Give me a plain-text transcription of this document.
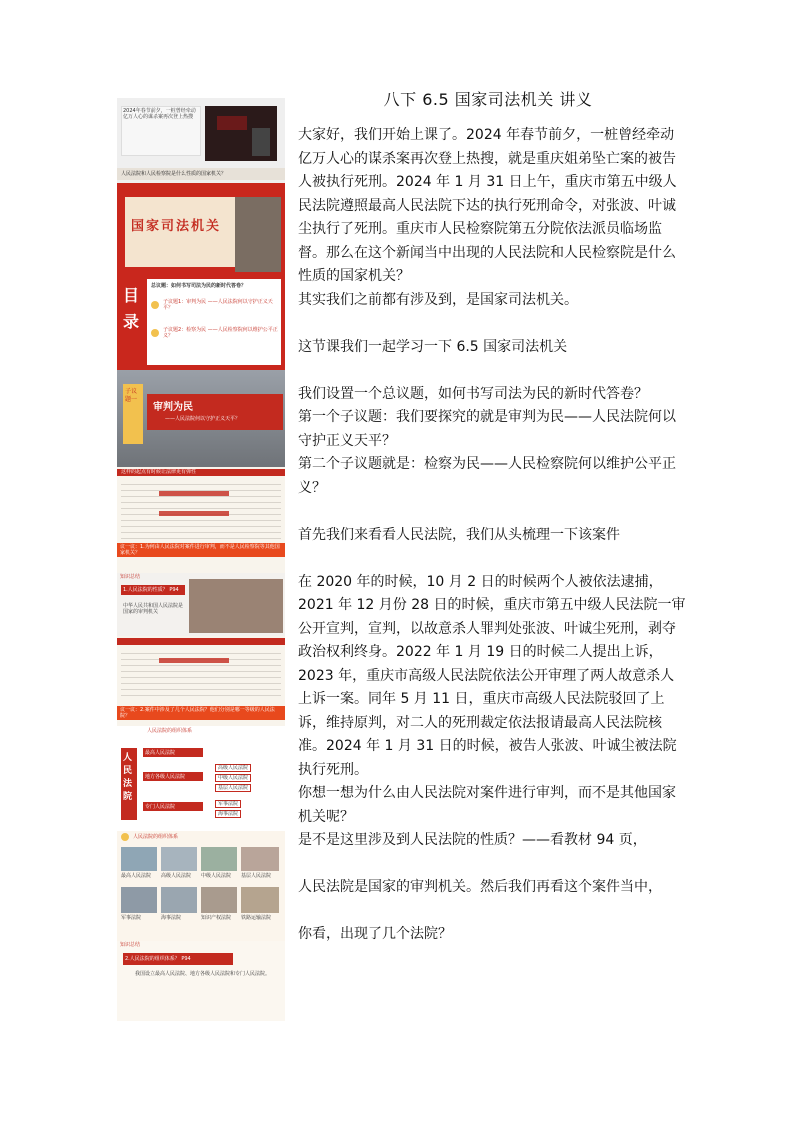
八下 6.5 国家司法机关 讲义
2024年春节前夕，一桩曾经牵动亿万人心的谋杀案再次登上热搜
人民法院和人民检察院是什么性质的国家机关？
国家司法机关
目录
总议题：如何书写司法为民的新时代答卷？
子议题1：审判为民 ——人民法院何以守护正义天平？
子议题2：检察为民 ——人民检察院何以维护公平正义？
子议题一
审判为民
——人民法院何以守护正义天平？
这样的起点有时候让法律更有弹性
议一议：1.为何由人民法院对案件进行审判，而不是人民检察院等其他国家机关？
知识总结
1.人民法院的性质？ P94
中华人民共和国人民法院是国家的审判机关
议一议：2.案件中涉及了几个人民法院？他们分别是哪一等级的人民法院？
人民法院的组织体系
人民法院
最高人民法院
地方各级人民法院
专门人民法院
高级人民法院
中级人民法院
基层人民法院
军事法院
海事法院
人民法院的组织体系
最高人民法院 高级人民法院 中级人民法院 基层人民法院
军事法院	海事法院	知识产权法院 铁路运输法院
知识总结
2.人民法院的组织体系？ P94
我国设立最高人民法院、地方各级人民法院和专门人民法院。

大家好，我们开始上课了。2024 年春节前夕，一桩曾经牵动亿万人心的谋杀案再次登上热搜，就是重庆姐弟坠亡案的被告人被执行死刑。2024 年 1 月 31 日上午，重庆市第五中级人民法院遵照最高人民法院下达的执行死刑命令，对张波、叶诚尘执行了死刑。重庆市人民检察院第五分院依法派员临场监督。那么在这个新闻当中出现的人民法院和人民检察院是什么性质的国家机关？

其实我们之前都有涉及到，是国家司法机关。

这节课我们一起学习一下 6.5 国家司法机关

我们设置一个总议题，如何书写司法为民的新时代答卷？

第一个子议题：我们要探究的就是审判为民——人民法院何以守护正义天平？

第二个子议题就是：检察为民——人民检察院何以维护公平正义？

首先我们来看看人民法院，我们从头梳理一下该案件

在 2020 年的时候，10 月 2 日的时候两个人被依法逮捕，2021 年 12 月份 28 日的时候，重庆市第五中级人民法院一审公开宣判，宣判，以故意杀人罪判处张波、叶诚尘死刑，剥夺政治权利终身。2022 年 1 月 19 日的时候二人提出上诉，2023 年，重庆市高级人民法院依法公开审理了两人故意杀人上诉一案。同年 5 月 11 日，重庆市高级人民法院驳回了上诉，维持原判，对二人的死刑裁定依法报请最高人民法院核准。2024 年 1 月 31 日的时候，被告人张波、叶诚尘被法院执行死刑。

你想一想为什么由人民法院对案件进行审判，而不是其他国家机关呢？

是不是这里涉及到人民法院的性质？——看教材 94 页，

人民法院是国家的审判机关。然后我们再看这个案件当中，

你看，出现了几个法院？
